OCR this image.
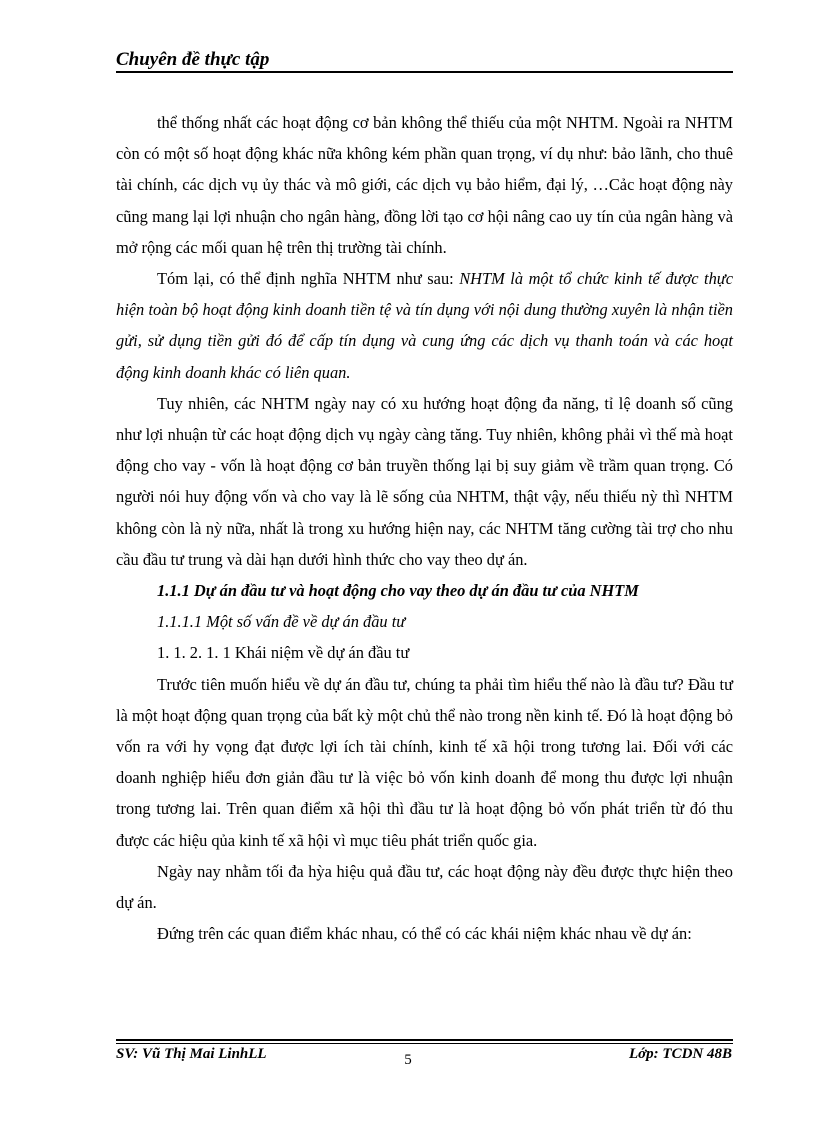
Chuyên đề thực tập

thể thống nhất các hoạt động cơ bản không thể thiếu của một NHTM. Ngoài ra NHTM còn có một số hoạt động khác nữa không kém phần quan trọng, ví dụ như: bảo lãnh, cho thuê tài chính, các dịch vụ ủy thác và mô giới, các dịch vụ bảo hiểm, đại lý, …Cảc hoạt động này cũng mang lại lợi nhuận cho ngân hàng, đồng lời tạo cơ hội nâng cao uy tín của ngân hàng và mở rộng các mối quan hệ trên thị trường tài chính.

Tóm lại, có thể định nghĩa NHTM như sau: NHTM là một tổ chức kinh tế được thực hiện toàn bộ hoạt động kinh doanh tiền tệ và tín dụng với nội dung thường xuyên là nhận tiền gửi, sử dụng tiền gửi đó để cấp tín dụng và cung ứng các dịch vụ thanh toán và các hoạt động kinh doanh khác có liên quan.

Tuy nhiên, các NHTM ngày nay có xu hướng hoạt động đa năng, tỉ lệ doanh số cũng như lợi nhuận từ các hoạt động dịch vụ ngày càng tăng. Tuy nhiên, không phải vì thế mà hoạt động cho vay - vốn là hoạt động cơ bản truyền thống lại bị suy giảm về trầm quan trọng. Có người nói huy động vốn và cho vay là lẽ sống của NHTM, thật vậy, nếu thiếu nỳ thì NHTM không còn là nỳ nữa, nhất là trong xu hướng hiện nay, các NHTM tăng cường tài trợ cho nhu cầu đầu tư trung và dài hạn dưới hình thức cho vay theo dự án.

1.1.1 Dự án đầu tư và hoạt động cho vay theo dự án đầu tư của NHTM

1.1.1.1 Một số vấn đề về dự án đầu tư

1. 1. 2. 1. 1 Khái niệm về dự án đầu tư

Trước tiên muốn hiểu về dự án đầu tư, chúng ta phải tìm hiểu thế nào là đầu tư? Đầu tư là một hoạt động quan trọng của bất kỳ một chủ thể nào trong nền kinh tế. Đó là hoạt động bỏ vốn ra với hy vọng đạt được lợi ích tài chính, kinh tế xã hội trong tương lai. Đối với các doanh nghiệp hiểu đơn giản đầu tư là việc bỏ vốn kinh doanh để mong thu được lợi nhuận trong tương lai. Trên quan điểm xã hội thì đầu tư là hoạt động bỏ vốn phát triển từ đó thu được các hiệu qủa kinh tế xã hội vì mục tiêu phát triển quốc gia.

Ngày nay nhằm tối đa hỳa hiệu quả đầu tư, các hoạt động này đều được thực hiện theo dự án.

Đứng trên các quan điểm khác nhau, có thể có các khái niệm khác nhau về dự án:

SV: Vũ Thị Mai LinhLL	5	Lớp: TCDN 48B
